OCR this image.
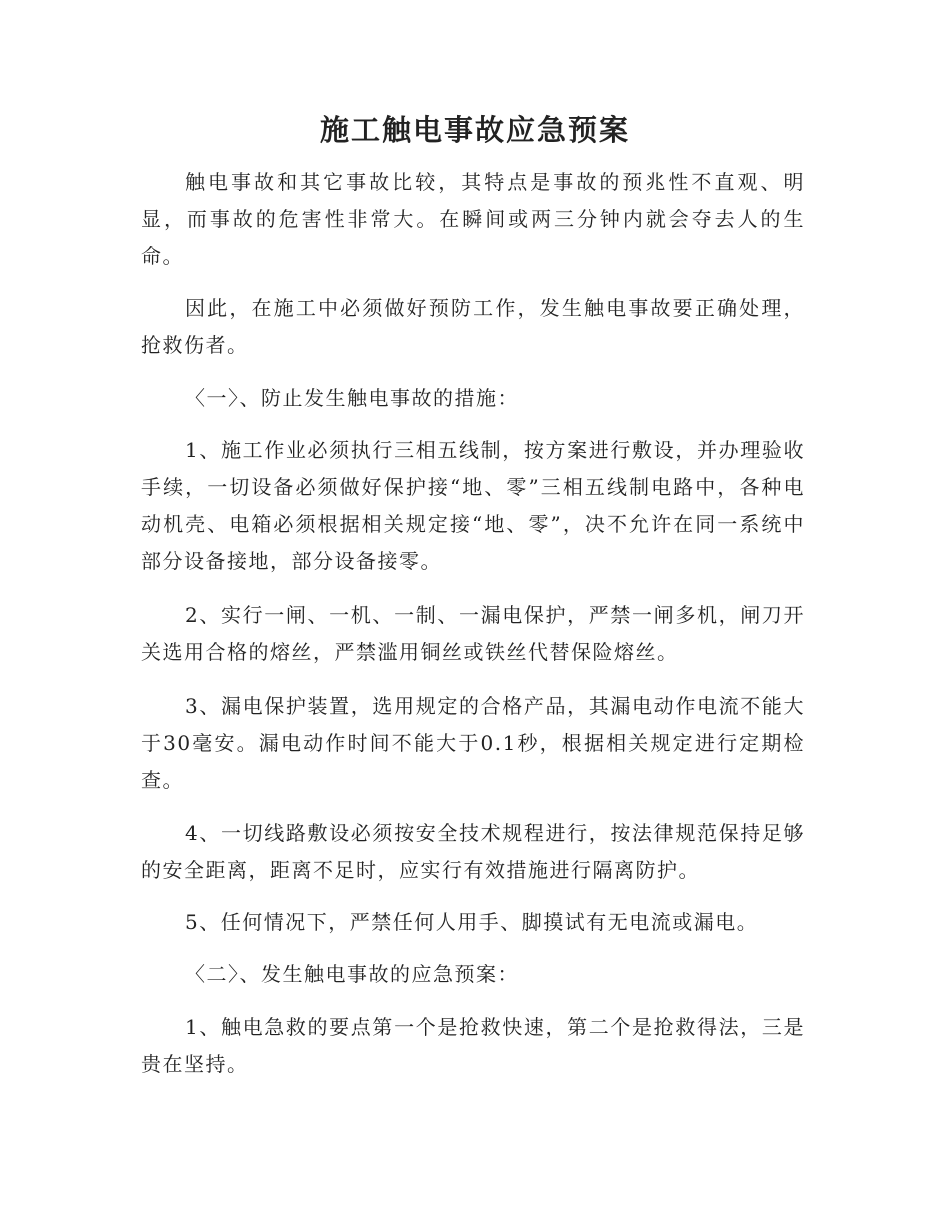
施工触电事故应急预案

触电事故和其它事故比较，其特点是事故的预兆性不直观、明显，而事故的危害性非常大。在瞬间或两三分钟内就会夺去人的生命。

因此，在施工中必须做好预防工作，发生触电事故要正确处理，抢救伤者。

〈一〉、防止发生触电事故的措施：

1、施工作业必须执行三相五线制，按方案进行敷设，并办理验收手续，一切设备必须做好保护接“地、零”三相五线制电路中，各种电动机壳、电箱必须根据相关规定接“地、零”，决不允许在同一系统中部分设备接地，部分设备接零。

2、实行一闸、一机、一制、一漏电保护，严禁一闸多机，闸刀开关选用合格的熔丝，严禁滥用铜丝或铁丝代替保险熔丝。

3、漏电保护装置，选用规定的合格产品，其漏电动作电流不能大于30毫安。漏电动作时间不能大于0.1秒，根据相关规定进行定期检查。

4、一切线路敷设必须按安全技术规程进行，按法律规范保持足够的安全距离，距离不足时，应实行有效措施进行隔离防护。

5、任何情况下，严禁任何人用手、脚摸试有无电流或漏电。

〈二〉、发生触电事故的应急预案：

1、触电急救的要点第一个是抢救快速，第二个是抢救得法，三是贵在坚持。
